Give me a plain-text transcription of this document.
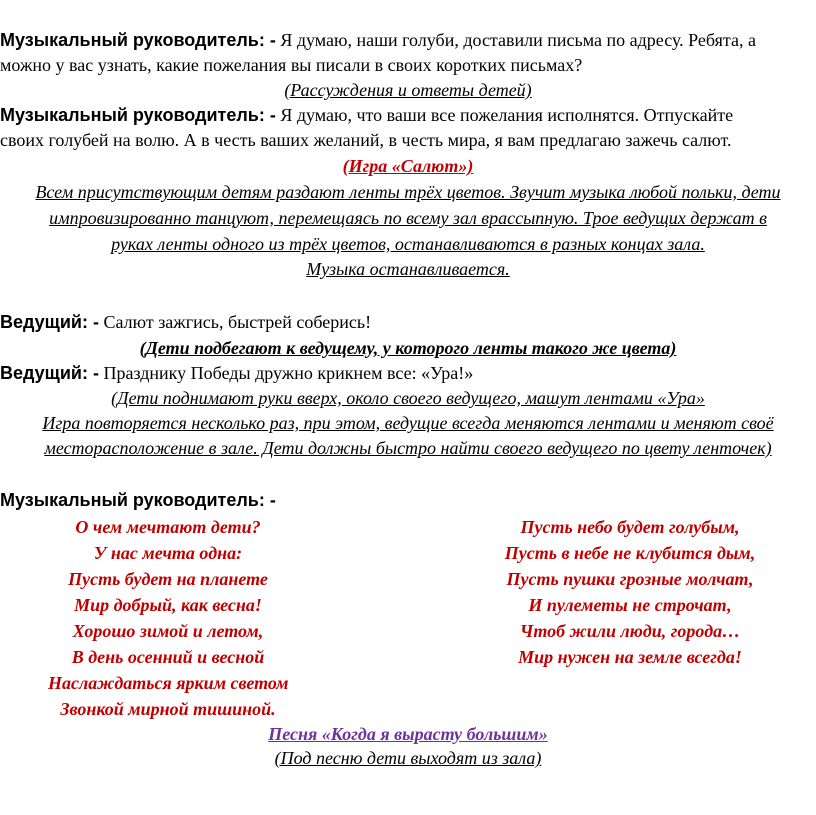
Музыкальный руководитель: - Я думаю, наши голуби, доставили письма по адресу. Ребята, а
можно у вас узнать, какие пожелания вы писали в своих коротких письмах?
(Рассуждения и ответы детей)
Музыкальный руководитель: - Я думаю, что ваши все пожелания исполнятся. Отпускайте
своих голубей на волю. А в честь ваших желаний, в честь мира, я вам предлагаю зажечь салют.
(Игра «Салют»)
Всем присутствующим детям раздают ленты трёх цветов. Звучит музыка любой польки, дети
импровизированно танцуют, перемещаясь по всему зал врассыпную. Трое ведущих держат в
руках ленты одного из трёх цветов, останавливаются в разных концах зала.
Музыка останавливается.
Ведущий: - Салют зажгись, быстрей соберись!
(Дети подбегают к ведущему, у которого ленты такого же цвета)
Ведущий: - Празднику Победы дружно крикнем все: «Ура!»
(Дети поднимают руки вверх, около своего ведущего, машут лентами «Ура»
Игра повторяется несколько раз, при этом, ведущие всегда меняются лентами и меняют своё
месторасположение в зале. Дети должны быстро найти своего ведущего по цвету ленточек)
Музыкальный руководитель: -
О чем мечтают дети?
У нас мечта одна:
Пусть будет на планете
Мир добрый, как весна!
Хорошо зимой и летом,
В день осенний и весной
Наслаждаться ярким светом
Звонкой мирной тишиной.
Пусть небо будет голубым,
Пусть в небе не клубится дым,
Пусть пушки грозные молчат,
И пулеметы не строчат,
Чтоб жили люди, города…
Мир нужен на земле всегда!
Песня «Когда я вырасту большим»
(Под песню дети выходят из зала)
